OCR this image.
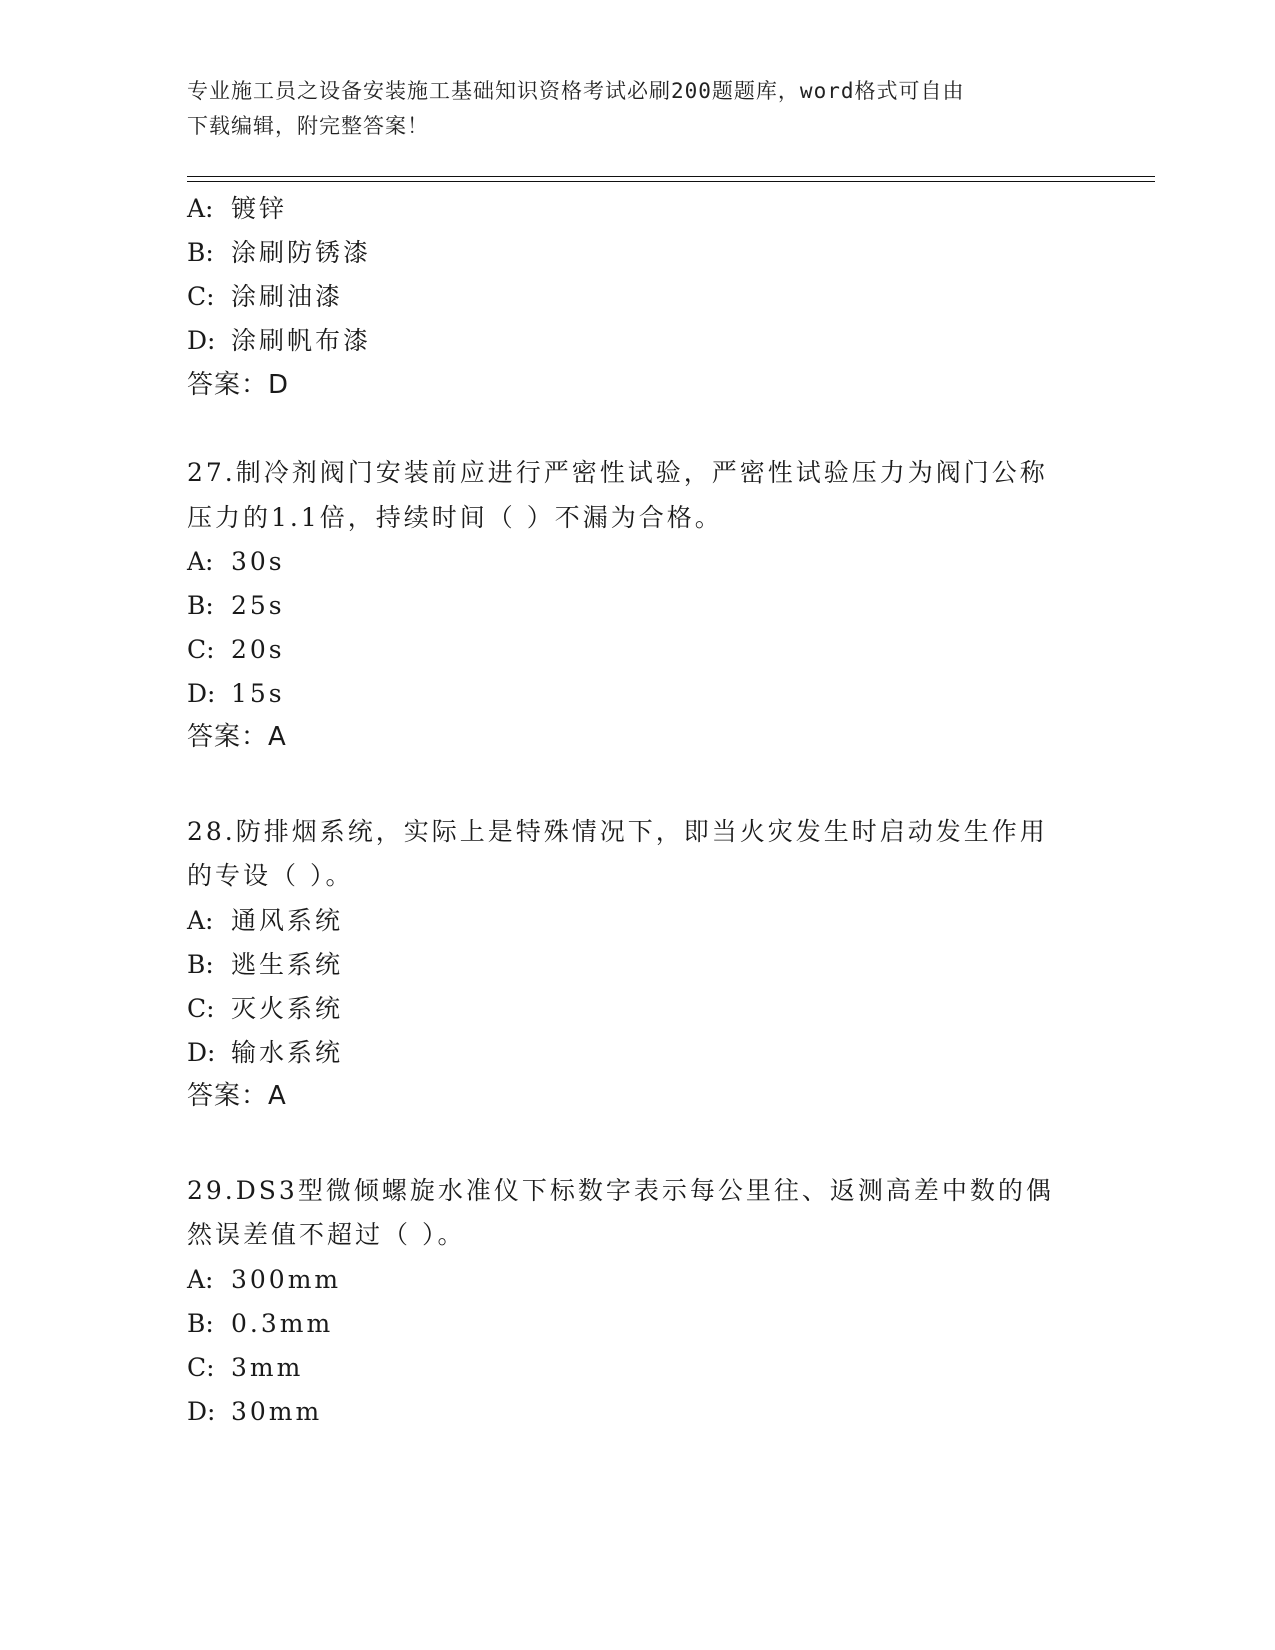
专业施工员之设备安装施工基础知识资格考试必刷200题题库，word格式可自由
下载编辑，附完整答案！
A: 镀锌
B: 涂刷防锈漆
C: 涂刷油漆
D: 涂刷帆布漆
答案：D
27.制冷剂阀门安装前应进行严密性试验，严密性试验压力为阀门公称
压力的1.1倍，持续时间（ ）不漏为合格。
A: 30s
B: 25s
C: 20s
D: 15s
答案：A
28.防排烟系统，实际上是特殊情况下，即当火灾发生时启动发生作用
的专设（ ）。
A: 通风系统
B: 逃生系统
C: 灭火系统
D: 输水系统
答案：A
29.DS3型微倾螺旋水准仪下标数字表示每公里往、返测高差中数的偶
然误差值不超过（ ）。
A: 300mm
B: 0.3mm
C: 3mm
D: 30mm
